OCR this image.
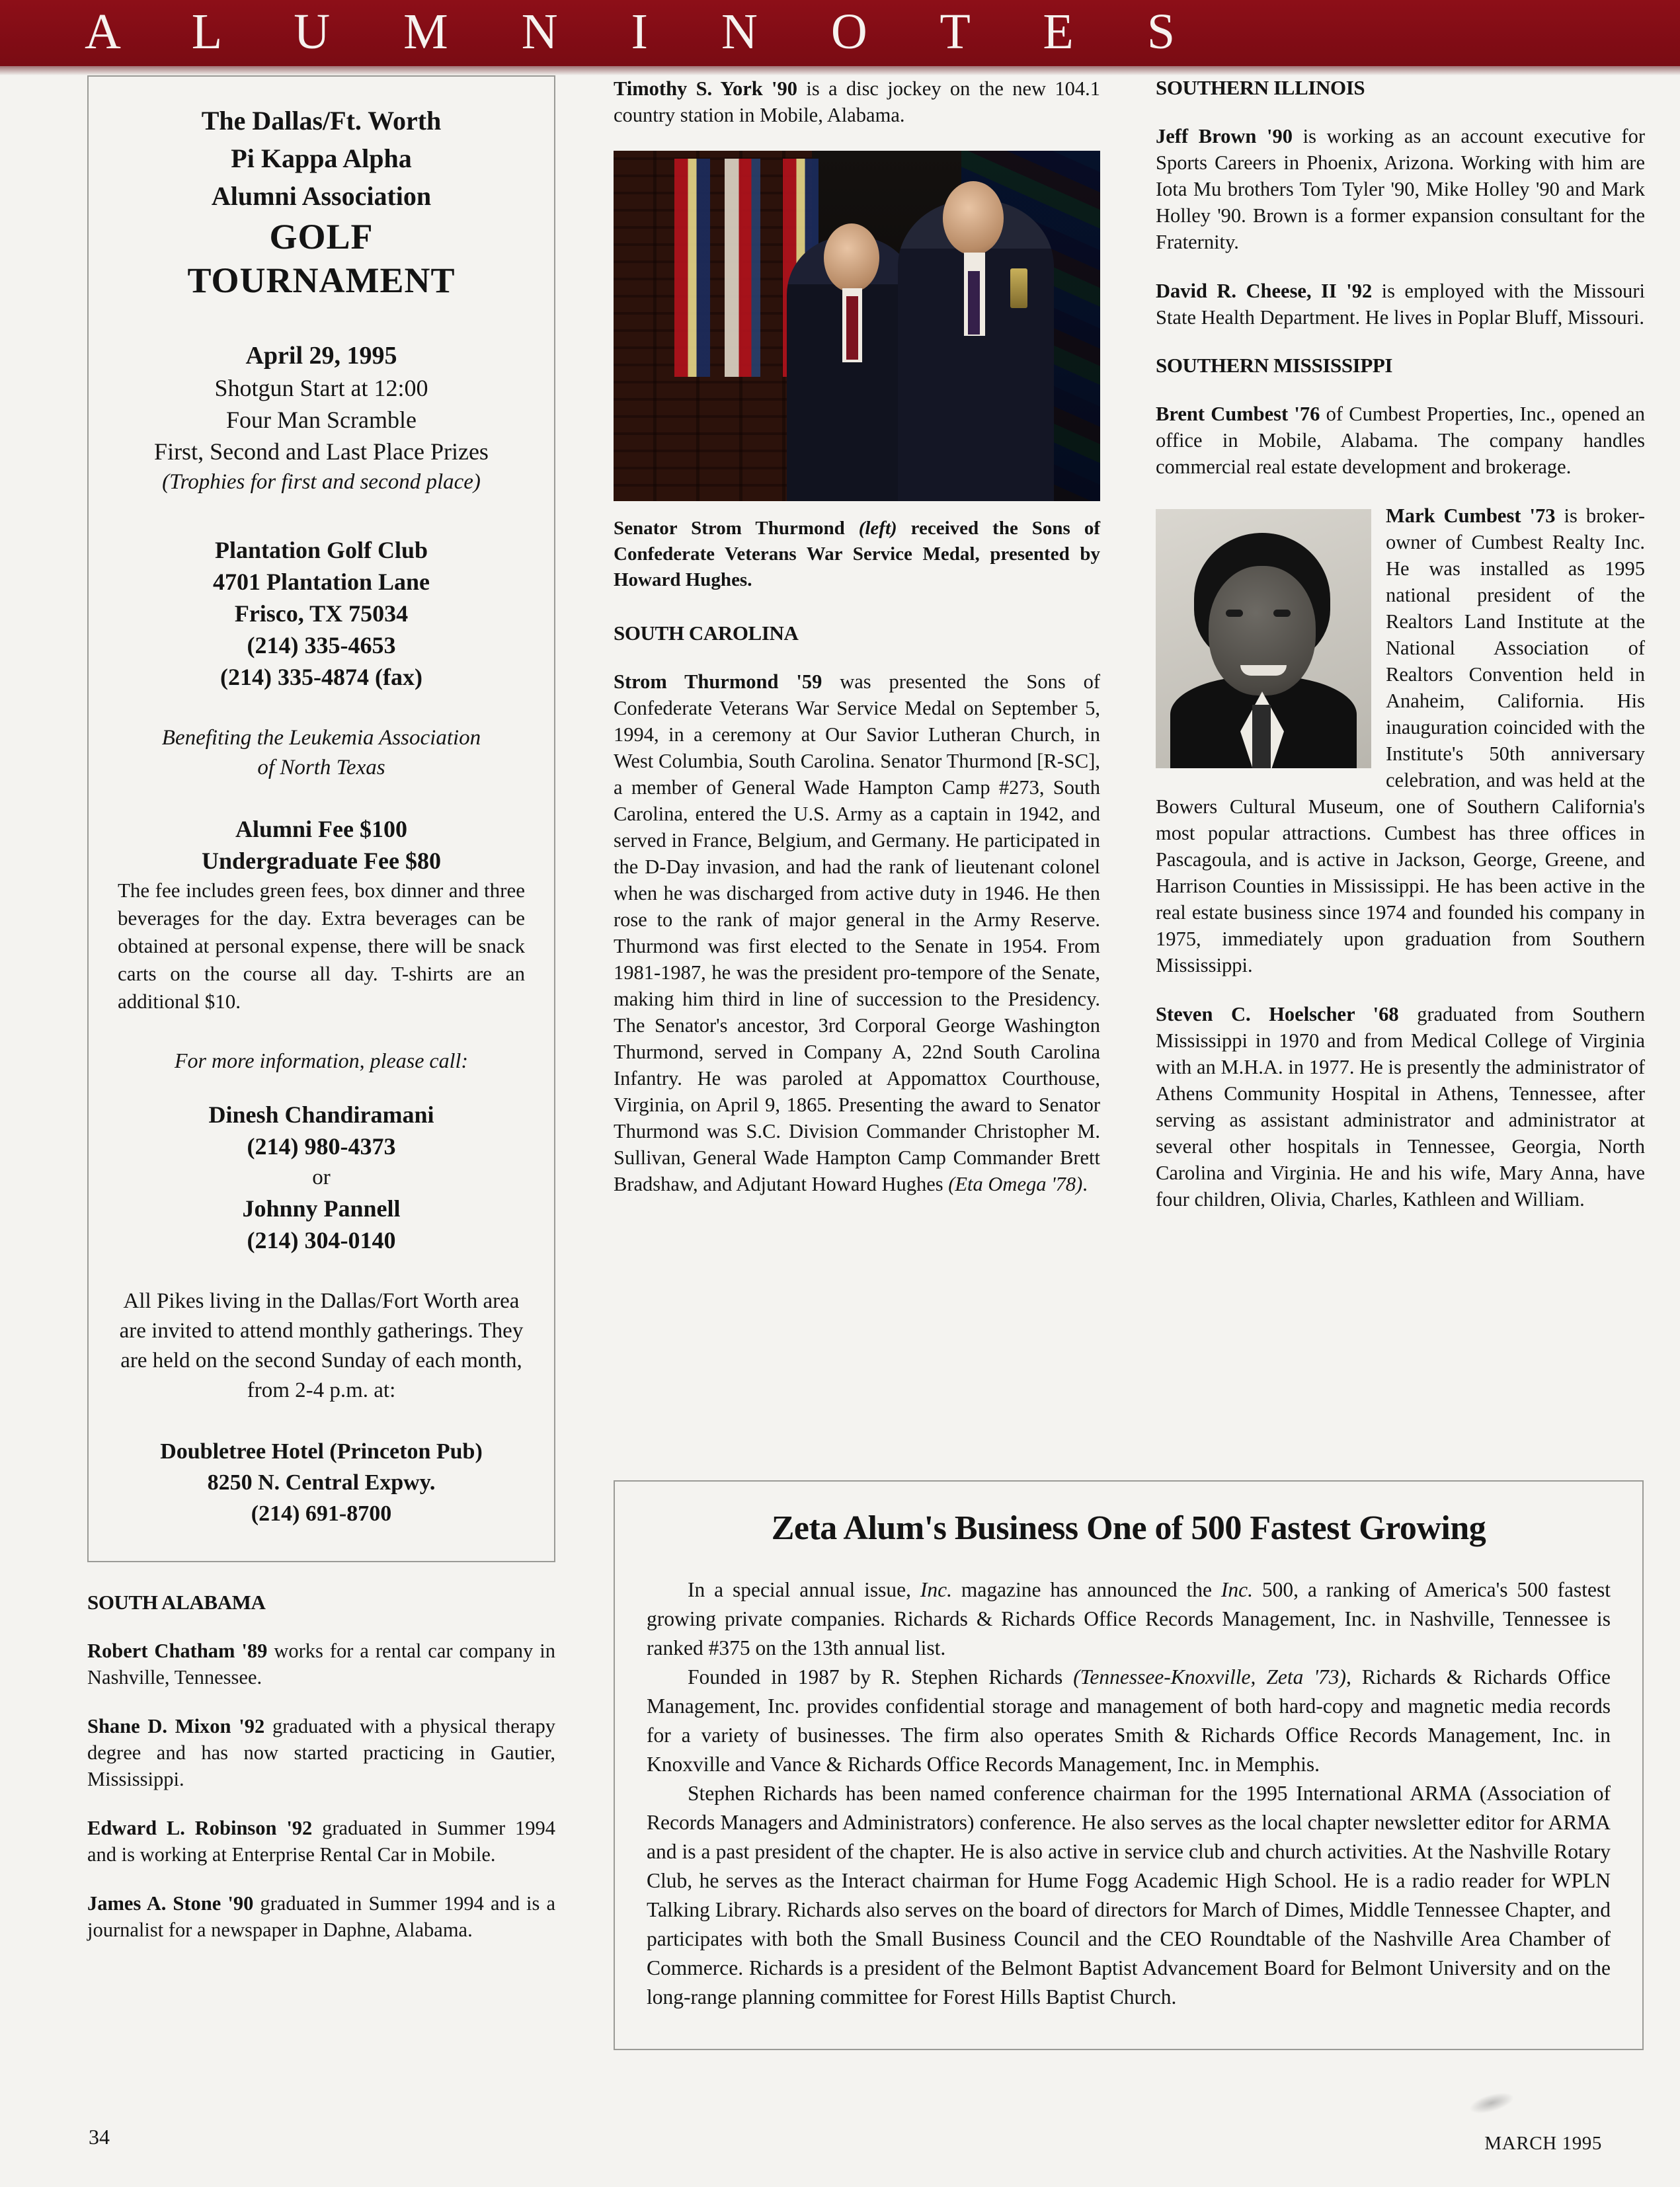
A L U M N I N O T E S
The Dallas/Ft. Worth
Pi Kappa Alpha
Alumni Association
GOLF
TOURNAMENT
April 29, 1995
Shotgun Start at 12:00
Four Man Scramble
First, Second and Last Place Prizes
(Trophies for first and second place)
Plantation Golf Club
4701 Plantation Lane
Frisco, TX 75034
(214) 335-4653
(214) 335-4874 (fax)
Benefiting the Leukemia Association
of North Texas
Alumni Fee $100
Undergraduate Fee $80
The fee includes green fees, box dinner and three beverages for the day. Extra beverages can be obtained at personal expense, there will be snack carts on the course all day. T-shirts are an additional $10.
For more information, please call:
Dinesh Chandiramani
(214) 980-4373
or
Johnny Pannell
(214) 304-0140
All Pikes living in the Dallas/Fort Worth area are invited to attend monthly gatherings. They are held on the second Sunday of each month, from 2-4 p.m. at:
Doubletree Hotel (Princeton Pub)
8250 N. Central Expwy.
(214) 691-8700
SOUTH ALABAMA

Robert Chatham '89 works for a rental car company in Nashville, Tennessee.

Shane D. Mixon '92 graduated with a physical therapy degree and has now started practicing in Gautier, Mississippi.

Edward L. Robinson '92 graduated in Summer 1994 and is working at Enterprise Rental Car in Mobile.

James A. Stone '90 graduated in Summer 1994 and is a journalist for a newspaper in Daphne, Alabama.

Timothy S. York '90 is a disc jockey on the new 104.1 country station in Mobile, Alabama.

Senator Strom Thurmond (left) received the Sons of Confederate Veterans War Service Medal, presented by Howard Hughes.

SOUTH CAROLINA

Strom Thurmond '59 was presented the Sons of Confederate Veterans War Service Medal on September 5, 1994, in a ceremony at Our Savior Lutheran Church, in West Columbia, South Carolina. Senator Thurmond [R-SC], a member of General Wade Hampton Camp #273, South Carolina, entered the U.S. Army as a captain in 1942, and served in France, Belgium, and Germany. He participated in the D-Day invasion, and had the rank of lieutenant colonel when he was discharged from active duty in 1946. He then rose to the rank of major general in the Army Reserve. Thurmond was first elected to the Senate in 1954. From 1981-1987, he was the president pro-tempore of the Senate, making him third in line of succession to the Presidency. The Senator's ancestor, 3rd Corporal George Washington Thurmond, served in Company A, 22nd South Carolina Infantry. He was paroled at Appomattox Courthouse, Virginia, on April 9, 1865. Presenting the award to Senator Thurmond was S.C. Division Commander Christopher M. Sullivan, General Wade Hampton Camp Commander Brett Bradshaw, and Adjutant Howard Hughes (Eta Omega '78).

SOUTHERN ILLINOIS

Jeff Brown '90 is working as an account executive for Sports Careers in Phoenix, Arizona. Working with him are Iota Mu brothers Tom Tyler '90, Mike Holley '90 and Mark Holley '90. Brown is a former expansion consultant for the Fraternity.

David R. Cheese, II '92 is employed with the Missouri State Health Department. He lives in Poplar Bluff, Missouri.

SOUTHERN MISSISSIPPI

Brent Cumbest '76 of Cumbest Properties, Inc., opened an office in Mobile, Alabama. The company handles commercial real estate development and brokerage.

Mark Cumbest '73 is broker-owner of Cumbest Realty Inc. He was installed as 1995 national president of the Realtors Land Institute at the National Association of Realtors Convention held in Anaheim, California. His inauguration coincided with the Institute's 50th anniversary celebration, and was held at the Bowers Cultural Museum, one of Southern California's most popular attractions. Cumbest has three offices in Pascagoula, and is active in Jackson, George, Greene, and Harrison Counties in Mississippi. He has been active in the real estate business since 1974 and founded his company in 1975, immediately upon graduation from Southern Mississippi.

Steven C. Hoelscher '68 graduated from Southern Mississippi in 1970 and from Medical College of Virginia with an M.H.A. in 1977. He is presently the administrator of Athens Community Hospital in Athens, Tennessee, after serving as assistant administrator and administrator at several other hospitals in Tennessee, Georgia, North Carolina and Virginia. He and his wife, Mary Anna, have four children, Olivia, Charles, Kathleen and William.

Zeta Alum's Business One of 500 Fastest Growing

In a special annual issue, Inc. magazine has announced the Inc. 500, a ranking of America's 500 fastest growing private companies. Richards & Richards Office Records Management, Inc. in Nashville, Tennessee is ranked #375 on the 13th annual list.

Founded in 1987 by R. Stephen Richards (Tennessee-Knoxville, Zeta '73), Richards & Richards Office Management, Inc. provides confidential storage and management of both hard-copy and magnetic media records for a variety of businesses. The firm also operates Smith & Richards Office Records Management, Inc. in Knoxville and Vance & Richards Office Records Management, Inc. in Memphis.

Stephen Richards has been named conference chairman for the 1995 International ARMA (Association of Records Managers and Administrators) conference. He also serves as the local chapter newsletter editor for ARMA and is a past president of the chapter. He is also active in service club and church activities. At the Nashville Rotary Club, he serves as the Interact chairman for Hume Fogg Academic High School. He is a radio reader for WPLN Talking Library. Richards also serves on the board of directors for March of Dimes, Middle Tennessee Chapter, and participates with both the Small Business Council and the CEO Roundtable of the Nashville Area Chamber of Commerce. Richards is a president of the Belmont Baptist Advancement Board for Belmont University and on the long-range planning committee for Forest Hills Baptist Church.

34	MARCH 1995
